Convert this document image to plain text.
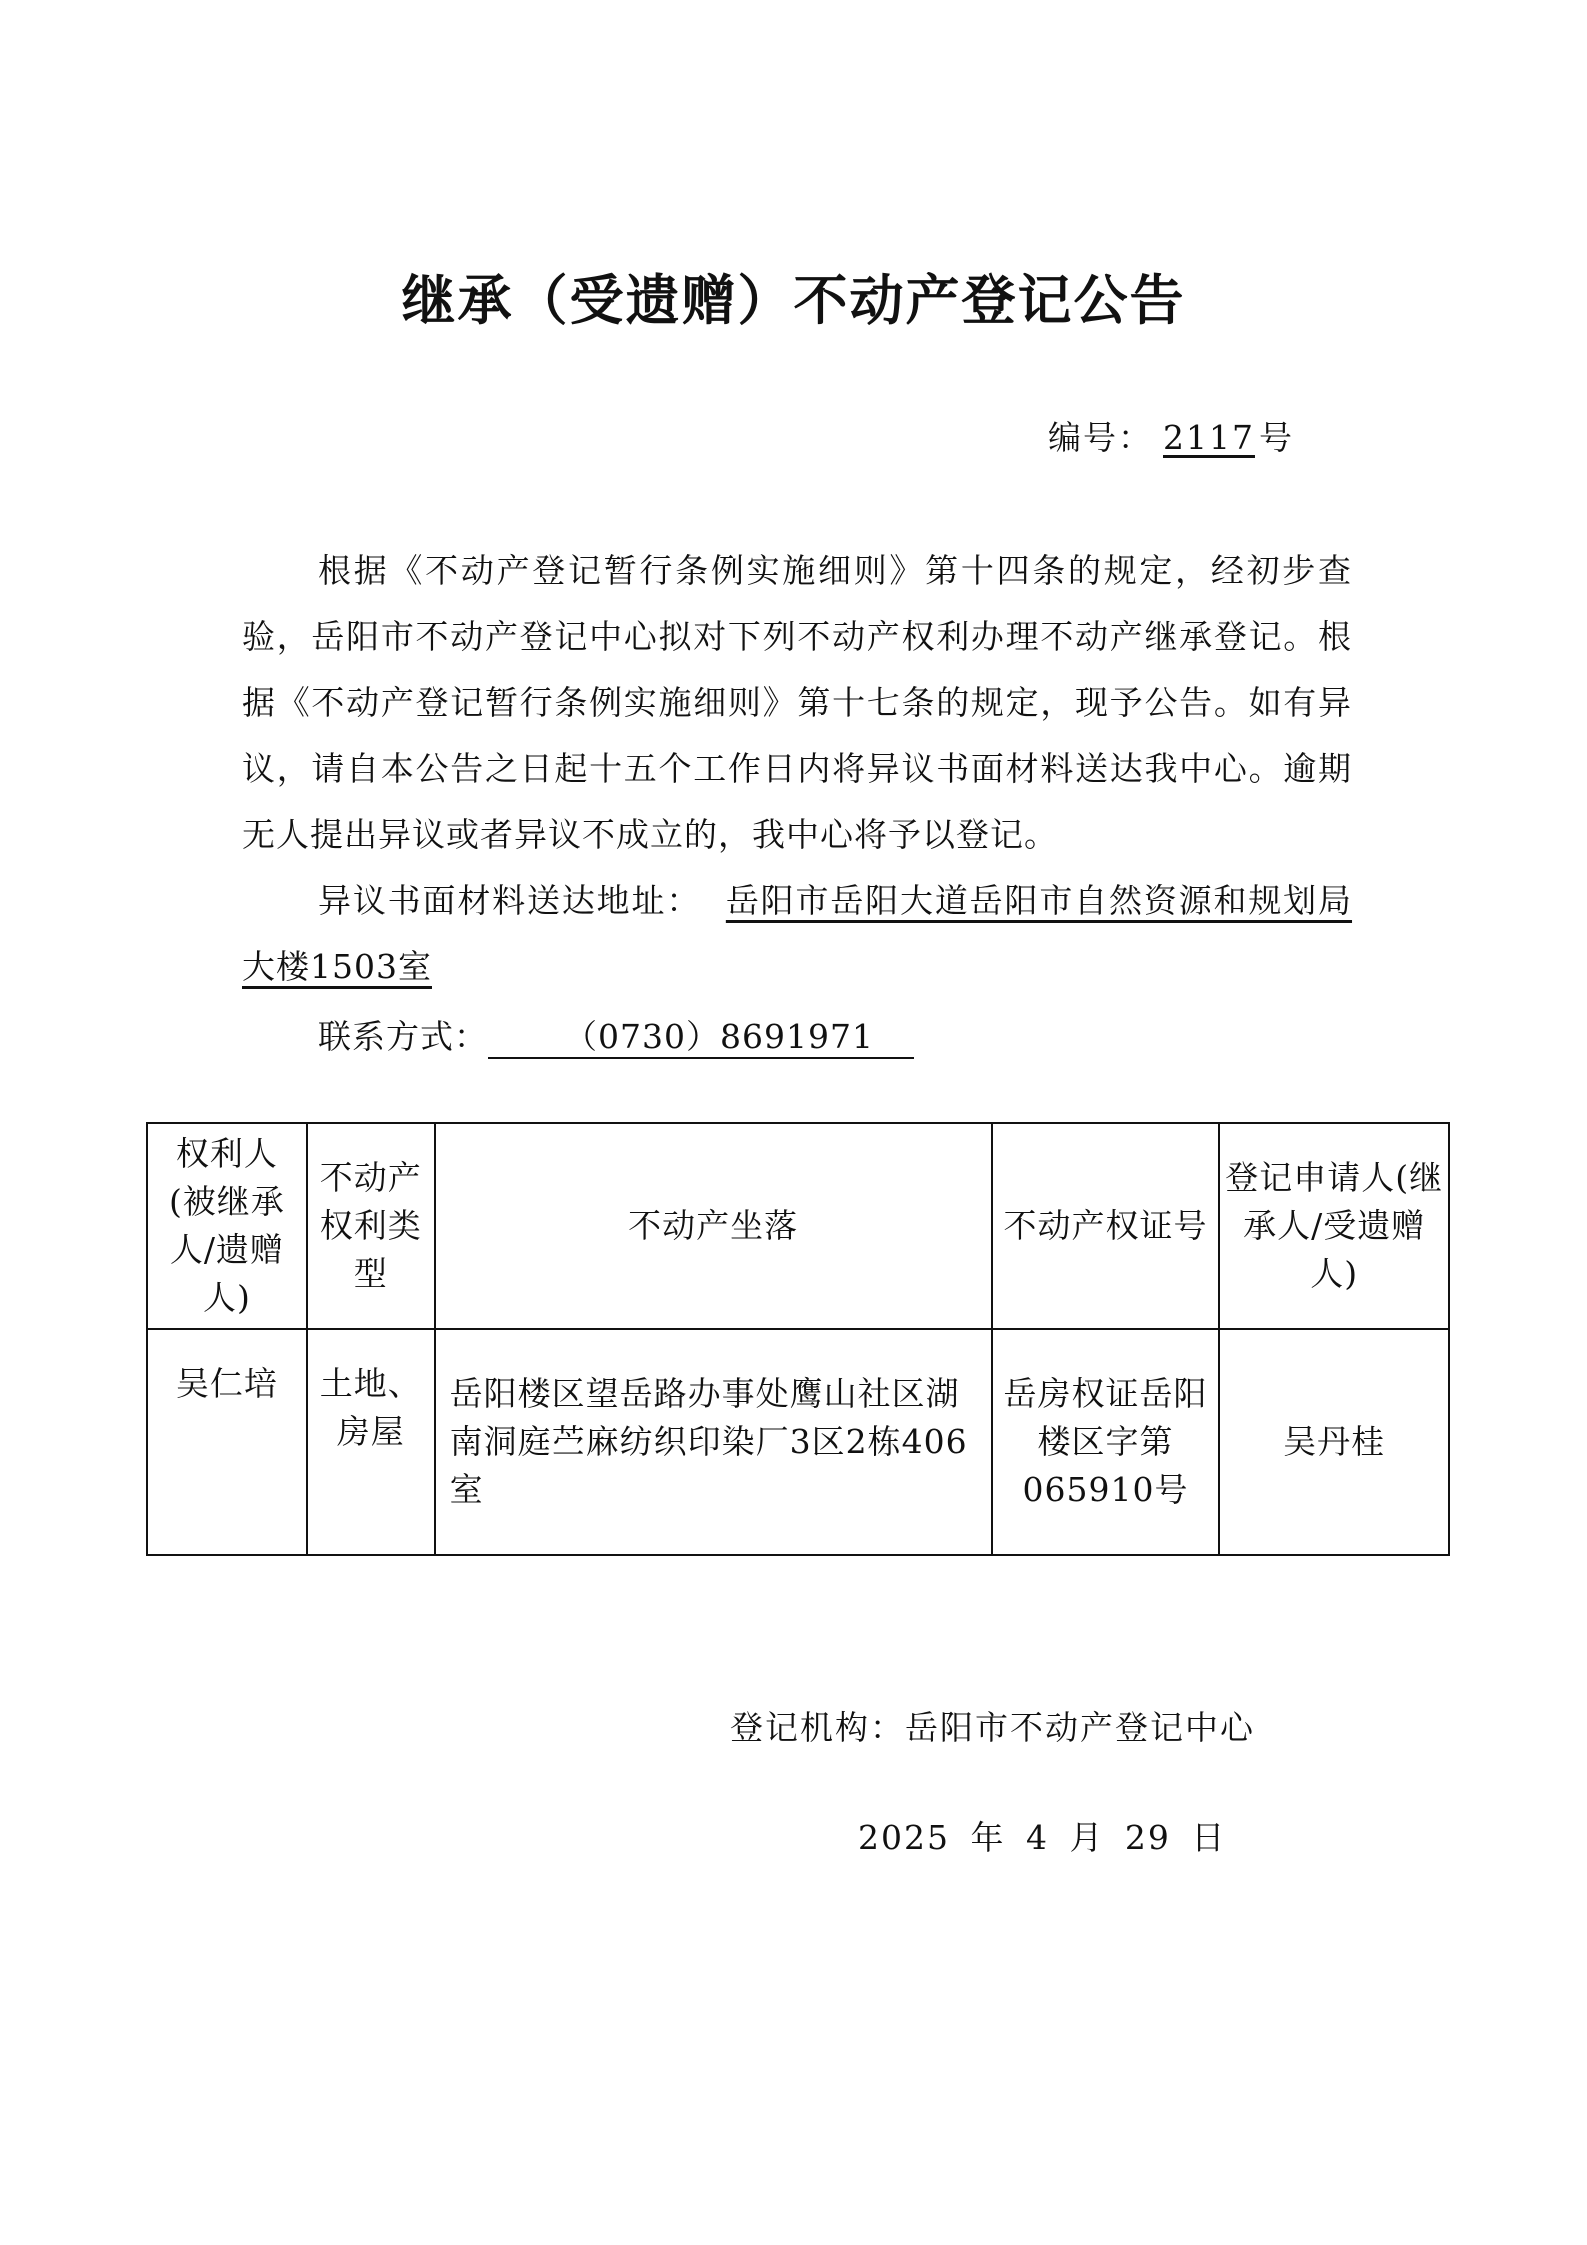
继承（受遗赠）不动产登记公告
编号： 2117 号
根据《不动产登记暂行条例实施细则》第十四条的规定，经初步查验，岳阳市不动产登记中心拟对下列不动产权利办理不动产继承登记。根据《不动产登记暂行条例实施细则》第十七条的规定，现予公告。如有异议，请自本公告之日起十五个工作日内将异议书面材料送达我中心。逾期无人提出异议或者异议不成立的，我中心将予以登记。
异议书面材料送达地址： 岳阳市岳阳大道岳阳市自然资源和规划局大楼1503室
联系方式： （0730）8691971
权利人(被继承人/遗赠人)	不动产权利类型	不动产坐落	不动产权证号	登记申请人(继承人/受遗赠人)
吴仁培	土地、房屋	岳阳楼区望岳路办事处鹰山社区湖南洞庭苎麻纺织印染厂3区2栋406室	岳房权证岳阳楼区字第065910号	吴丹桂
登记机构：岳阳市不动产登记中心
2025 年 4 月 29 日
